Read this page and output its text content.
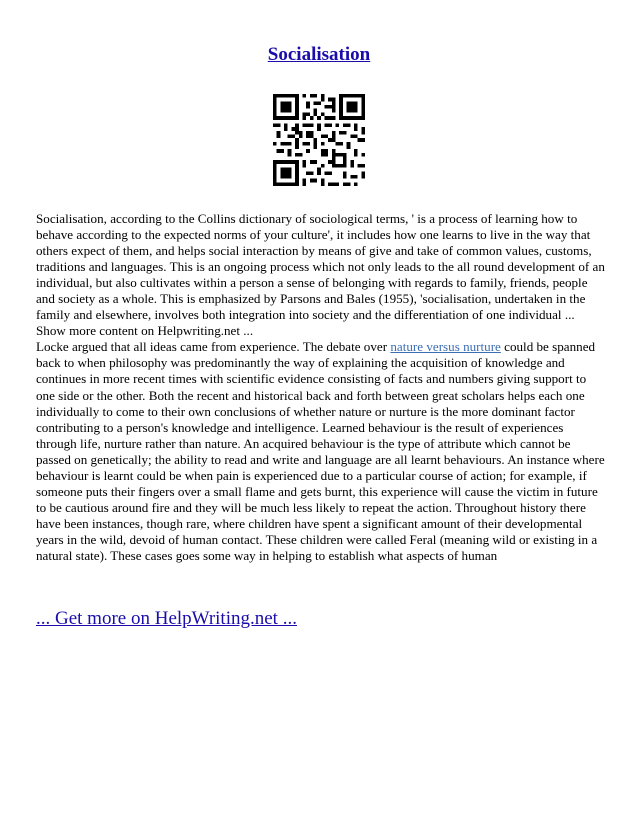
Socialisation

Socialisation, according to the Collins dictionary of sociological terms, ' is a process of learning how to behave according to the expected norms of your culture', it includes how one learns to live in the way that others expect of them, and helps social interaction by means of give and take of common values, customs, traditions and languages. This is an ongoing process which not only leads to the all round development of an individual, but also cultivates within a person a sense of belonging with regards to family, friends, people and society as a whole. This is emphasized by Parsons and Bales (1955), 'socialisation, undertaken in the family and elsewhere, involves both integration into society and the differentiation of one individual ... Show more content on Helpwriting.net ...

Locke argued that all ideas came from experience. The debate over nature versus nurture could be spanned back to when philosophy was predominantly the way of explaining the acquisition of knowledge and continues in more recent times with scientific evidence consisting of facts and numbers giving support to one side or the other. Both the recent and historical back and forth between great scholars helps each one individually to come to their own conclusions of whether nature or nurture is the more dominant factor contributing to a person's knowledge and intelligence. Learned behaviour is the result of experiences through life, nurture rather than nature. An acquired behaviour is the type of attribute which cannot be passed on genetically; the ability to read and write and language are all learnt behaviours. An instance where behaviour is learnt could be when pain is experienced due to a particular course of action; for example, if someone puts their fingers over a small flame and gets burnt, this experience will cause the victim in future to be cautious around fire and they will be much less likely to repeat the action. Throughout history there have been instances, though rare, where children have spent a significant amount of their developmental years in the wild, devoid of human contact. These children were called Feral (meaning wild or existing in a natural state). These cases goes some way in helping to establish what aspects of human

... Get more on HelpWriting.net ...
